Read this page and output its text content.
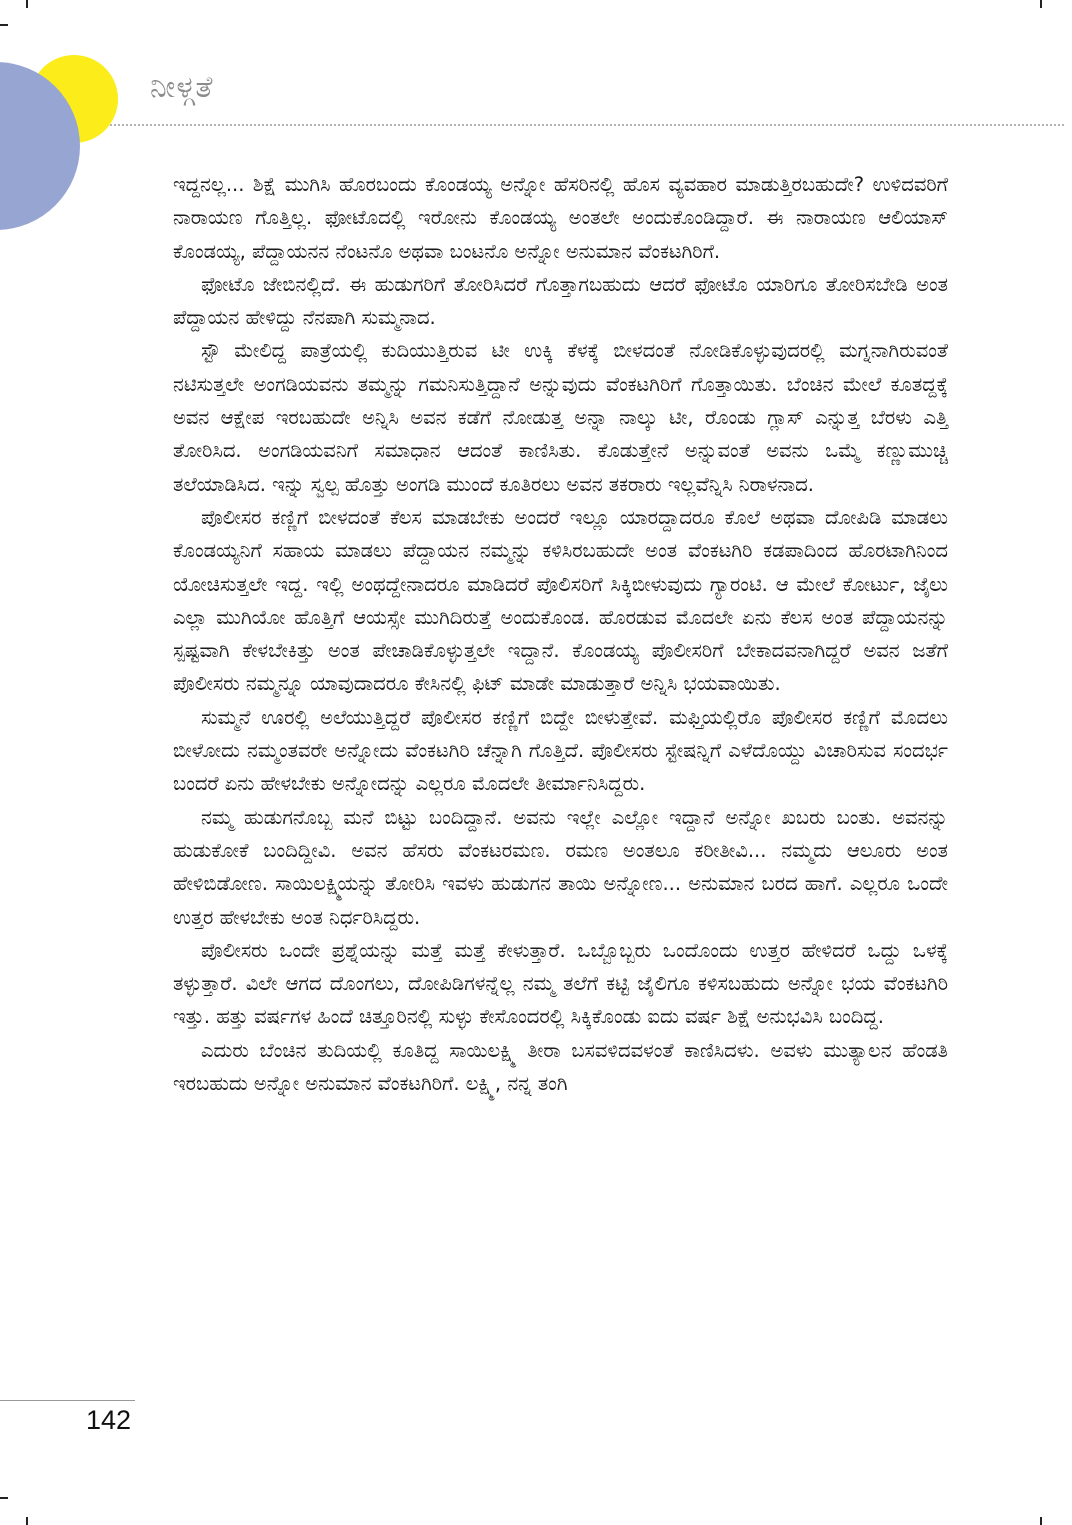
ನೀಳ್ಗತೆ

ಇದ್ದನಲ್ಲ... ಶಿಕ್ಷೆ ಮುಗಿಸಿ ಹೊರಬಂದು ಕೊಂಡಯ್ಯ ಅನ್ನೋ ಹೆಸರಿನಲ್ಲಿ ಹೊಸ ವ್ಯವಹಾರ ಮಾಡುತ್ತಿರಬಹುದೇ? ಉಳಿದವರಿಗೆ ನಾರಾಯಣ ಗೊತ್ತಿಲ್ಲ. ಫೋಟೊದಲ್ಲಿ ಇರೋನು ಕೊಂಡಯ್ಯ ಅಂತಲೇ ಅಂದುಕೊಂಡಿದ್ದಾರೆ. ಈ ನಾರಾಯಣ ಆಲಿಯಾಸ್ ಕೊಂಡಯ್ಯ, ಪೆದ್ದಾಯನನ ನೆಂಟನೊ ಅಥವಾ ಬಂಟನೊ ಅನ್ನೋ ಅನುಮಾನ ವೆಂಕಟಗಿರಿಗೆ.

ಫೋಟೊ ಜೇಬಿನಲ್ಲಿದೆ. ಈ ಹುಡುಗರಿಗೆ ತೋರಿಸಿದರೆ ಗೊತ್ತಾಗಬಹುದು ಆದರೆ ಫೋಟೊ ಯಾರಿಗೂ ತೋರಿಸಬೇಡಿ ಅಂತ ಪೆದ್ದಾಯನ ಹೇಳಿದ್ದು ನೆನಪಾಗಿ ಸುಮ್ಮನಾದ.

ಸ್ಟೌ ಮೇಲಿದ್ದ ಪಾತ್ರೆಯಲ್ಲಿ ಕುದಿಯುತ್ತಿರುವ ಟೀ ಉಕ್ಕಿ ಕೆಳಕ್ಕೆ ಬೀಳದಂತೆ ನೋಡಿಕೊಳ್ಳುವುದರಲ್ಲಿ ಮಗ್ನನಾಗಿರುವಂತೆ ನಟಿಸುತ್ತಲೇ ಅಂಗಡಿಯವನು ತಮ್ಮನ್ನು ಗಮನಿಸುತ್ತಿದ್ದಾನೆ ಅನ್ನುವುದು ವೆಂಕಟಗಿರಿಗೆ ಗೊತ್ತಾಯಿತು. ಬೆಂಚಿನ ಮೇಲೆ ಕೂತದ್ದಕ್ಕೆ ಅವನ ಆಕ್ಷೇಪ ಇರಬಹುದೇ ಅನ್ನಿಸಿ ಅವನ ಕಡೆಗೆ ನೋಡುತ್ತ ಅನ್ನಾ ನಾಲ್ಕು ಟೀ, ರೊಂಡು ಗ್ಲಾಸ್ ಎನ್ನುತ್ತ ಬೆರಳು ಎತ್ತಿ ತೋರಿಸಿದ. ಅಂಗಡಿಯವನಿಗೆ ಸಮಾಧಾನ ಆದಂತೆ ಕಾಣಿಸಿತು. ಕೊಡುತ್ತೇನೆ ಅನ್ನುವಂತೆ ಅವನು ಒಮ್ಮೆ ಕಣ್ಣುಮುಚ್ಚಿ ತಲೆಯಾಡಿಸಿದ. ಇನ್ನು ಸ್ವಲ್ಪ ಹೊತ್ತು ಅಂಗಡಿ ಮುಂದೆ ಕೂತಿರಲು ಅವನ ತಕರಾರು ಇಲ್ಲವೆನ್ನಿಸಿ ನಿರಾಳನಾದ.

ಪೊಲೀಸರ ಕಣ್ಣಿಗೆ ಬೀಳದಂತೆ ಕೆಲಸ ಮಾಡಬೇಕು ಅಂದರೆ ಇಲ್ಲೂ ಯಾರದ್ದಾದರೂ ಕೊಲೆ ಅಥವಾ ದೋಪಿಡಿ ಮಾಡಲು ಕೊಂಡಯ್ಯನಿಗೆ ಸಹಾಯ ಮಾಡಲು ಪೆದ್ದಾಯನ ನಮ್ಮನ್ನು ಕಳಿಸಿರಬಹುದೇ ಅಂತ ವೆಂಕಟಗಿರಿ ಕಡಪಾದಿಂದ ಹೊರಟಾಗಿನಿಂದ ಯೋಚಿಸುತ್ತಲೇ ಇದ್ದ. ಇಲ್ಲಿ ಅಂಥದ್ದೇನಾದರೂ ಮಾಡಿದರೆ ಪೊಲಿಸರಿಗೆ ಸಿಕ್ಕಿಬೀಳುವುದು ಗ್ಯಾರಂಟಿ. ಆ ಮೇಲೆ ಕೋರ್ಟು, ಜೈಲು ಎಲ್ಲಾ ಮುಗಿಯೋ ಹೊತ್ತಿಗೆ ಆಯಸ್ಸೇ ಮುಗಿದಿರುತ್ತೆ ಅಂದುಕೊಂಡ. ಹೊರಡುವ ಮೊದಲೇ ಏನು ಕೆಲಸ ಅಂತ ಪೆದ್ದಾಯನನ್ನು ಸ್ಪಷ್ಟವಾಗಿ ಕೇಳಬೇಕಿತ್ತು ಅಂತ ಪೇಚಾಡಿಕೊಳ್ಳುತ್ತಲೇ ಇದ್ದಾನೆ. ಕೊಂಡಯ್ಯ ಪೊಲೀಸರಿಗೆ ಬೇಕಾದವನಾಗಿದ್ದರೆ ಅವನ ಜತೆಗೆ ಪೊಲೀಸರು ನಮ್ಮನ್ನೂ ಯಾವುದಾದರೂ ಕೇಸಿನಲ್ಲಿ ಫಿಟ್ ಮಾಡೇ ಮಾಡುತ್ತಾರೆ ಅನ್ನಿಸಿ ಭಯವಾಯಿತು.

ಸುಮ್ಮನೆ ಊರಲ್ಲಿ ಅಲೆಯುತ್ತಿದ್ದರೆ ಪೊಲೀಸರ ಕಣ್ಣಿಗೆ ಬಿದ್ದೇ ಬೀಳುತ್ತೇವೆ. ಮಫ್ತಿಯಲ್ಲಿರೊ ಪೊಲೀಸರ ಕಣ್ಣಿಗೆ ಮೊದಲು ಬೀಳೋದು ನಮ್ಮಂತವರೇ ಅನ್ನೋದು ವೆಂಕಟಗಿರಿ ಚೆನ್ನಾಗಿ ಗೊತ್ತಿದೆ. ಪೊಲೀಸರು ಸ್ಟೇಷನ್ನಿಗೆ ಎಳೆದೊಯ್ದು ವಿಚಾರಿಸುವ ಸಂದರ್ಭ ಬಂದರೆ ಏನು ಹೇಳಬೇಕು ಅನ್ನೋದನ್ನು ಎಲ್ಲರೂ ಮೊದಲೇ ತೀರ್ಮಾನಿಸಿದ್ದರು.

ನಮ್ಮ ಹುಡುಗನೊಬ್ಬ ಮನೆ ಬಿಟ್ಟು ಬಂದಿದ್ದಾನೆ. ಅವನು ಇಲ್ಲೇ ಎಲ್ಲೋ ಇದ್ದಾನೆ ಅನ್ನೋ ಖಬರು ಬಂತು. ಅವನನ್ನು ಹುಡುಕೋಕೆ ಬಂದಿದ್ದೀವಿ. ಅವನ ಹೆಸರು ವೆಂಕಟರಮಣ. ರಮಣ ಅಂತಲೂ ಕರೀತೀವಿ... ನಮ್ಮದು ಆಲೂರು ಅಂತ ಹೇಳಿಬಿಡೋಣ. ಸಾಯಿಲಕ್ಷ್ಮಿಯನ್ನು ತೋರಿಸಿ ಇವಳು ಹುಡುಗನ ತಾಯಿ ಅನ್ನೋಣ... ಅನುಮಾನ ಬರದ ಹಾಗೆ. ಎಲ್ಲರೂ ಒಂದೇ ಉತ್ತರ ಹೇಳಬೇಕು ಅಂತ ನಿರ್ಧರಿಸಿದ್ದರು.

ಪೊಲೀಸರು ಒಂದೇ ಪ್ರಶ್ನೆಯನ್ನು ಮತ್ತೆ ಮತ್ತೆ ಕೇಳುತ್ತಾರೆ. ಒಬ್ಬೊಬ್ಬರು ಒಂದೊಂದು ಉತ್ತರ ಹೇಳಿದರೆ ಒದ್ದು ಒಳಕ್ಕೆ ತಳ್ಳುತ್ತಾರೆ. ವಿಲೇ ಆಗದ ದೊಂಗಲು, ದೋಪಿಡಿಗಳನ್ನೆಲ್ಲ ನಮ್ಮ ತಲೆಗೆ ಕಟ್ಟಿ ಜೈಲಿಗೂ ಕಳಿಸಬಹುದು ಅನ್ನೋ ಭಯ ವೆಂಕಟಗಿರಿ ಇತ್ತು. ಹತ್ತು ವರ್ಷಗಳ ಹಿಂದೆ ಚಿತ್ತೂರಿನಲ್ಲಿ ಸುಳ್ಳು ಕೇಸೊಂದರಲ್ಲಿ ಸಿಕ್ಕಿಕೊಂಡು ಐದು ವರ್ಷ ಶಿಕ್ಷೆ ಅನುಭವಿಸಿ ಬಂದಿದ್ದ.

ಎದುರು ಬೆಂಚಿನ ತುದಿಯಲ್ಲಿ ಕೂತಿದ್ದ ಸಾಯಿಲಕ್ಷ್ಮಿ ತೀರಾ ಬಸವಳಿದವಳಂತೆ ಕಾಣಿಸಿದಳು. ಅವಳು ಮುತ್ಯಾಲನ ಹೆಂಡತಿ ಇರಬಹುದು ಅನ್ನೋ ಅನುಮಾನ ವೆಂಕಟಗಿರಿಗೆ. ಲಕ್ಷ್ಮಿ, ನನ್ನ ತಂಗಿ

142
